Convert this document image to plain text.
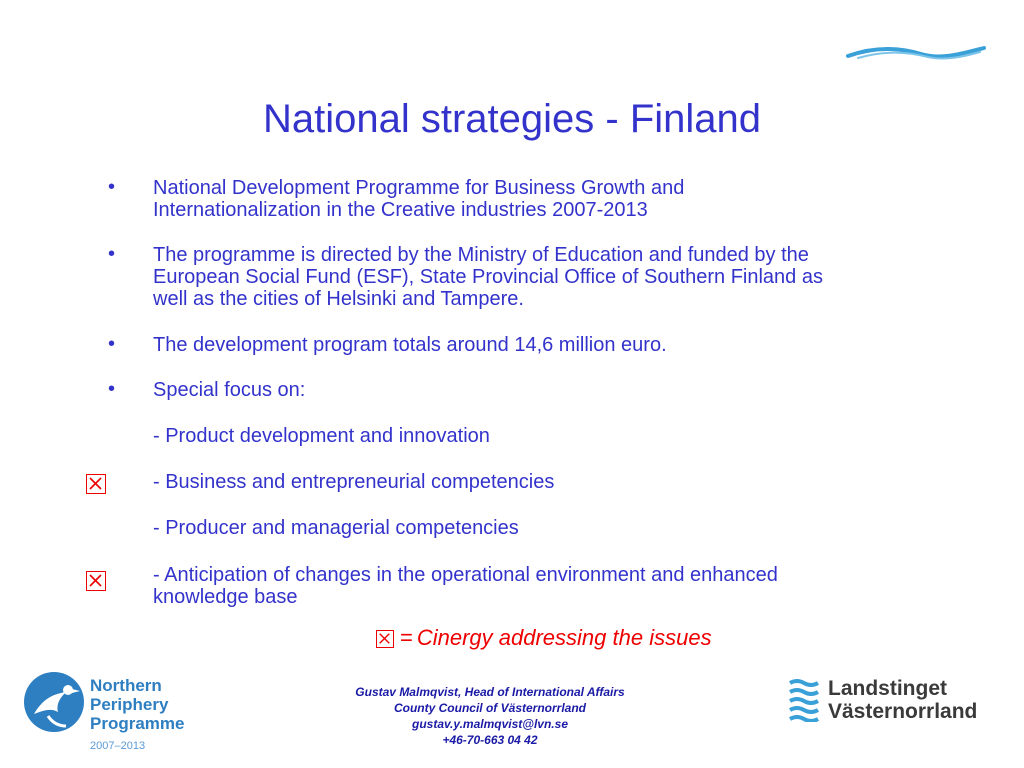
National strategies - Finland
• National Development Programme for Business Growth and
Internationalization in the Creative industries 2007-2013
• The programme is directed by the Ministry of Education and funded by the
European Social Fund (ESF), State Provincial Office of Southern Finland as
well as the cities of Helsinki and Tampere.
• The development program totals around 14,6 million euro.
• Special focus on:
- Product development and innovation
- Business and entrepreneurial competencies
- Producer and managerial competencies
- Anticipation of changes in the operational environment and enhanced
knowledge base
= Cinergy addressing the issues
Northern
Periphery
Programme
2007–2013
Gustav Malmqvist, Head of International Affairs
County Council of Västernorrland
gustav.y.malmqvist@lvn.se
+46-70-663 04 42
Landstinget
Västernorrland
